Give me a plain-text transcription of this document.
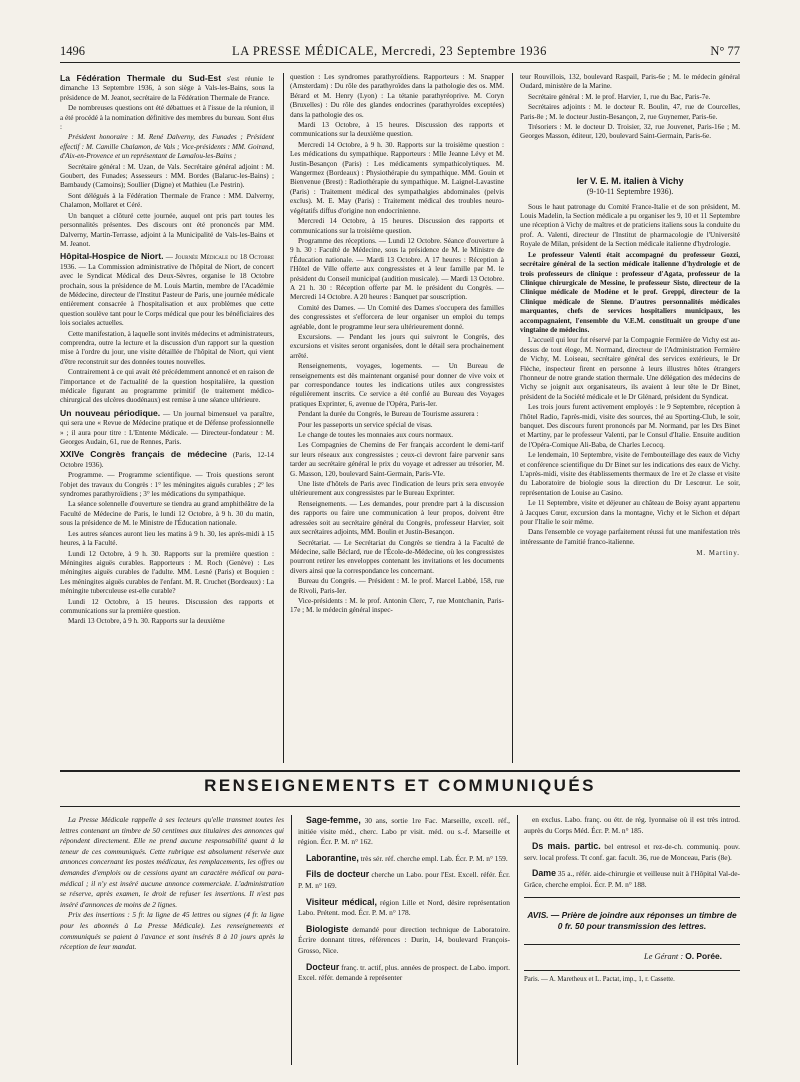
1496	LA PRESSE MÉDICALE, Mercredi, 23 Septembre 1936	N° 77

La Fédération Thermale du Sud-Est s'est réunie le dimanche 13 Septembre 1936, à son siège à Vals-les-Bains, sous la présidence de M. Jeanot, secrétaire de la Fédération Thermale de France.

De nombreuses questions ont été débattues et à l'issue de la réunion, il a été procédé à la nomination définitive des membres du bureau. Sont élus :

Président honoraire : M. René Dalverny, des Funades ; Président effectif : M. Camille Chalamon, de Vals ; Vice-présidents : MM. Goirand, d'Aix-en-Provence et un représentant de Lamalou-les-Bains ;

Secrétaire général : M. Uzan, de Vals. Secrétaire général adjoint : M. Goubert, des Funades; Assesseurs : MM. Bordes (Balaruc-les-Bains) ; Bambaudy (Camoins); Soullier (Digne) et Mathieu (Le Pestrin).

Sont délégués à la Fédération Thermale de France : MM. Dalverny, Chalamon, Mollaret et Céré.

Un banquet a clôturé cette journée, auquel ont pris part toutes les personnalités présentes. Des discours ont été prononcés par MM. Dalverny, Martin-Terrasse, adjoint à la Municipalité de Vals-les-Bains et M. Jeanot.

Hôpital-Hospice de Niort. — Journée Médicale du 18 Octobre 1936. — La Commission administrative de l'hôpital de Niort, de concert avec le Syndicat Médical des Deux-Sèvres, organise le 18 Octobre prochain, sous la présidence de M. Louis Martin, membre de l'Académie de Médecine, directeur de l'Institut Pasteur de Paris, une journée médicale entièrement consacrée à l'hospitalisation et aux problèmes que cette question soulève tant pour le Corps médical que pour les bénéficiaires des lois sociales actuelles.

Cette manifestation, à laquelle sont invités médecins et administrateurs, comprendra, outre la lecture et la discussion d'un rapport sur la question mise à l'ordre du jour, une visite détaillée de l'hôpital de Niort, qui vient d'être reconstruit sur des données toutes nouvelles.

Contrairement à ce qui avait été précédemment annoncé et en raison de l'importance et de l'actualité de la question hospitalière, la question médicale figurant au programme primitif (le traitement médico-chirurgical des ulcères duodénaux) est remise à une séance ultérieure.

Un nouveau périodique. — Un journal bimensuel va paraître, qui sera une « Revue de Médecine pratique et de Défense professionnelle » ; il aura pour titre : L'Entente Médicale. — Directeur-fondateur : M. Georges Audain, 61, rue de Rennes, Paris.

XXIVe Congrès français de médecine (Paris, 12-14 Octobre 1936).

Programme. — Programme scientifique. — Trois questions seront l'objet des travaux du Congrès : 1° les méningites aiguës curables ; 2° les syndromes parathyroïdiens ; 3° les médications du sympathique.

La séance solennelle d'ouverture se tiendra au grand amphithéâtre de la Faculté de Médecine de Paris, le lundi 12 Octobre, à 9 h. 30 du matin, sous la présidence de M. le Ministre de l'Éducation nationale.

Les autres séances auront lieu les matins à 9 h. 30, les après-midi à 15 heures, à la Faculté.

Lundi 12 Octobre, à 9 h. 30. Rapports sur la première question : Méningites aiguës curables. Rapporteurs : M. Roch (Genève) : Les méningites aiguës curables de l'adulte. MM. Lesné (Paris) et Boquien : Les méningites aiguës curables de l'enfant. M. R. Cruchet (Bordeaux) : La méningite tuberculeuse est-elle curable?

Lundi 12 Octobre, à 15 heures. Discussion des rapports et communications sur la première question.

Mardi 13 Octobre, à 9 h. 30. Rapports sur la deuxième

question : Les syndromes parathyroïdiens. Rapporteurs : M. Snapper (Amsterdam) : Du rôle des parathyroïdes dans la pathologie des os. MM. Bérard et M. Henry (Lyon) : La tétanie parathyréoprive. M. Coryn (Bruxelles) : Du rôle des glandes endocrines (parathyroïdes exceptées) dans la pathologie des os.

Mardi 13 Octobre, à 15 heures. Discussion des rapports et communications sur la deuxième question.

Mercredi 14 Octobre, à 9 h. 30. Rapports sur la troisième question : Les médications du sympathique. Rapporteurs : Mlle Jeanne Lévy et M. Justin-Besançon (Paris) : Les médicaments sympathicolytiques. M. Wangermez (Bordeaux) : Physiothérapie du sympathique. MM. Gouin et Bienvenue (Brest) : Radiothérapie du sympathique. M. Laignel-Lavastine (Paris) : Traitement médical des sympathalgies abdominales (pelvis exclus). M. E. May (Paris) : Traitement médical des troubles neuro-végétatifs diffus d'origine non endocrinienne.

Mercredi 14 Octobre, à 15 heures. Discussion des rapports et communications sur la troisième question.

Programme des réceptions. — Lundi 12 Octobre. Séance d'ouverture à 9 h. 30 : Faculté de Médecine, sous la présidence de M. le Ministre de l'Éducation nationale. — Mardi 13 Octobre. A 17 heures : Réception à l'Hôtel de Ville offerte aux congressistes et à leur famille par M. le président du Conseil municipal (audition musicale). — Mardi 13 Octobre. A 21 h. 30 : Réception offerte par M. le président du Congrès. — Mercredi 14 Octobre. A 20 heures : Banquet par souscription.

Comité des Dames. — Un Comité des Dames s'occupera des familles des congressistes et s'efforcera de leur organiser un emploi du temps agréable, dont le programme leur sera ultérieurement donné.

Excursions. — Pendant les jours qui suivront le Congrès, des excursions et visites seront organisées, dont le détail sera prochainement arrêté.

Renseignements, voyages, logements. — Un Bureau de renseignements est dès maintenant organisé pour donner de vive voix et par correspondance toutes les indications utiles aux congressistes régulièrement inscrits. Ce service a été confié au Bureau des Voyages pratiques Exprinter, 6, avenue de l'Opéra, Paris-Ier.

Pendant la durée du Congrès, le Bureau de Tourisme assurera :

Pour les passeports un service spécial de visas.

Le change de toutes les monnaies aux cours normaux.

Les Compagnies de Chemins de Fer français accordent le demi-tarif sur leurs réseaux aux congressistes ; ceux-ci devront faire parvenir sans tarder au secrétaire général le prix du voyage et adresser au trésorier, M. G. Masson, 120, boulevard Saint-Germain, Paris-VIe.

Une liste d'hôtels de Paris avec l'indication de leurs prix sera envoyée ultérieurement aux congressistes par le Bureau Exprinter.

Renseignements. — Les demandes, pour prendre part à la discussion des rapports ou faire une communication à leur propos, doivent être adressées soit au secrétaire général du Congrès, professeur Harvier, soit aux secrétaires adjoints, MM. Boulin et Justin-Besançon.

Secrétariat. — Le Secrétariat du Congrès se tiendra à la Faculté de Médecine, salle Béclard, rue de l'École-de-Médecine, où les congressistes pourront retirer les enveloppes contenant les invitations et les documents divers ainsi que la correspondance les concernant.

Bureau du Congrès. — Président : M. le prof. Marcel Labbé, 158, rue de Rivoli, Paris-Ier.

Vice-présidents : M. le prof. Antonin Clerc, 7, rue Montchanin, Paris-17e ; M. le médecin général inspec-

teur Rouvillois, 132, boulevard Raspail, Paris-6e ; M. le médecin général Oudard, ministère de la Marine.

Secrétaire général : M. le prof. Harvier, 1, rue du Bac, Paris-7e.

Secrétaires adjoints : M. le docteur R. Boulin, 47, rue de Courcelles, Paris-8e ; M. le docteur Justin-Besançon, 2, rue Guynemer, Paris-6e.

Trésoriers : M. le docteur D. Troisier, 32, rue Jouvenet, Paris-16e ; M. Georges Masson, éditeur, 120, boulevard Saint-Germain, Paris-6e.

Ier V. E. M. italien à Vichy
(9-10-11 Septembre 1936).

Sous le haut patronage du Comité France-Italie et de son président, M. Louis Madelin, la Section médicale a pu organiser les 9, 10 et 11 Septembre une réception à Vichy de maîtres et de praticiens italiens sous la conduite du prof. A. Valenti, directeur de l'Institut de pharmacologie de l'Université Royale de Milan, président de la Section médicale italienne d'hydrologie.

Le professeur Valenti était accompagné du professeur Gozzi, secrétaire général de la section médicale italienne d'hydrologie et de trois professeurs de clinique : professeur d'Agata, professeur de la Clinique chirurgicale de Messine, le professeur Sisto, directeur de la Clinique médicale de Modène et le prof. Greppi, directeur de la Clinique médicale de Sienne. D'autres personnalités médicales marquantes, chefs de services hospitaliers municipaux, les accompagnaient, l'ensemble du V.E.M. constituait un groupe d'une vingtaine de médecins.

L'accueil qui leur fut réservé par la Compagnie Fermière de Vichy est au-dessus de tout éloge, M. Normand, directeur de l'Administration Fermière de Vichy, M. Loiseau, secrétaire général des services extérieurs, le Dr Flèche, inspecteur firent en personne à leurs illustres hôtes étrangers l'honneur de notre grande station thermale. Une délégation des médecins de Vichy se joignit aux organisateurs, ils avaient à leur tête le Dr Binet, président de la Société médicale et le Dr Glénard, président du Syndicat.

Les trois jours furent activement employés : le 9 Septembre, réception à l'hôtel Radio, l'après-midi, visite des sources, thé au Sporting-Club, le soir, banquet. Des discours furent prononcés par M. Normand, par les Drs Binet et Martiny, par le professeur Valenti, par le Consul d'Italie. Ensuite audition de l'Opéra-Comique Ali-Baba, de Charles Lecocq.

Le lendemain, 10 Septembre, visite de l'embouteillage des eaux de Vichy et conférence scientifique du Dr Binet sur les indications des eaux de Vichy. L'après-midi, visite des établissements thermaux de 1re et 2e classe et visite du Laboratoire de biologie sous la direction du Dr Lescœur. Le soir, représentation de Louise au Casino.

Le 11 Septembre, visite et déjeuner au château de Boisy ayant appartenu à Jacques Cœur, excursion dans la montagne, Vichy et le Sichon et départ pour l'Italie le soir même.

Dans l'ensemble ce voyage parfaitement réussi fut une manifestation très intéressante de l'amitié franco-italienne.

M. Martiny.
RENSEIGNEMENTS ET COMMUNIQUÉS

La Presse Médicale rappelle à ses lecteurs qu'elle transmet toutes les lettres contenant un timbre de 50 centimes aux titulaires des annonces qui répondent directement. Elle ne prend aucune responsabilité quant à la teneur de ces communiqués. Cette rubrique est absolument réservée aux annonces concernant les postes médicaux, les remplacements, les offres ou demandes d'emplois ou de cessions ayant un caractère médical ou para-médical ; il n'y est inséré aucune annonce commerciale. L'administration se réserve, après examen, le droit de refuser les insertions. Il n'est pas inséré d'annonces de moins de 2 lignes.

Prix des insertions : 5 fr. la ligne de 45 lettres ou signes (4 fr. la ligne pour les abonnés à La Presse Médicale). Les renseignements et communiqués se paient à l'avance et sont insérés 8 à 10 jours après la réception de leur mandat.

Sage-femme, 30 ans, sortie 1re Fac. Marseille, excell. réf., initiée visite méd., cherc. Labo pr visit. méd. ou s.-f. Marseille et région. Écr. P. M. n° 162.

Laborantine, très sér. réf. cherche empl. Lab. Écr. P. M. n° 159.

Fils de docteur cherche un Labo. pour l'Est. Excell. référ. Écr. P. M. n° 169.

Visiteur médical, région Lille et Nord, désire représentation Labo. Prétent. mod. Écr. P. M. n° 178.

Biologiste demandé pour direction technique de Laboratoire. Écrire donnant titres, références : Durin, 14, boulevard François-Grosso, Nice.

Docteur franç. tr. actif, plus. années de prospect. de Labo. import. Excel. référ. demande à représenter

en exclus. Labo. franç. ou étr. de rég. lyonnaise où il est très introd. auprès du Corps Méd. Écr. P. M. n° 185.

Ds mais. partic. bel entresol et rez-de-ch. communiq. pouv. serv. local profess. Tt conf. gar. facult. 36, rue de Monceau, Paris (8e).

Dame 35 a., référ. aide-chirurgie et veilleuse nuit à l'Hôpital Val-de-Grâce, cherche emploi. Écr. P. M. n° 188.

AVIS. — Prière de joindre aux réponses un timbre de 0 fr. 50 pour transmission des lettres.
Le Gérant : O. Porée.
Paris. — A. Maretheux et L. Pactat, imp., 1, r. Cassette.
